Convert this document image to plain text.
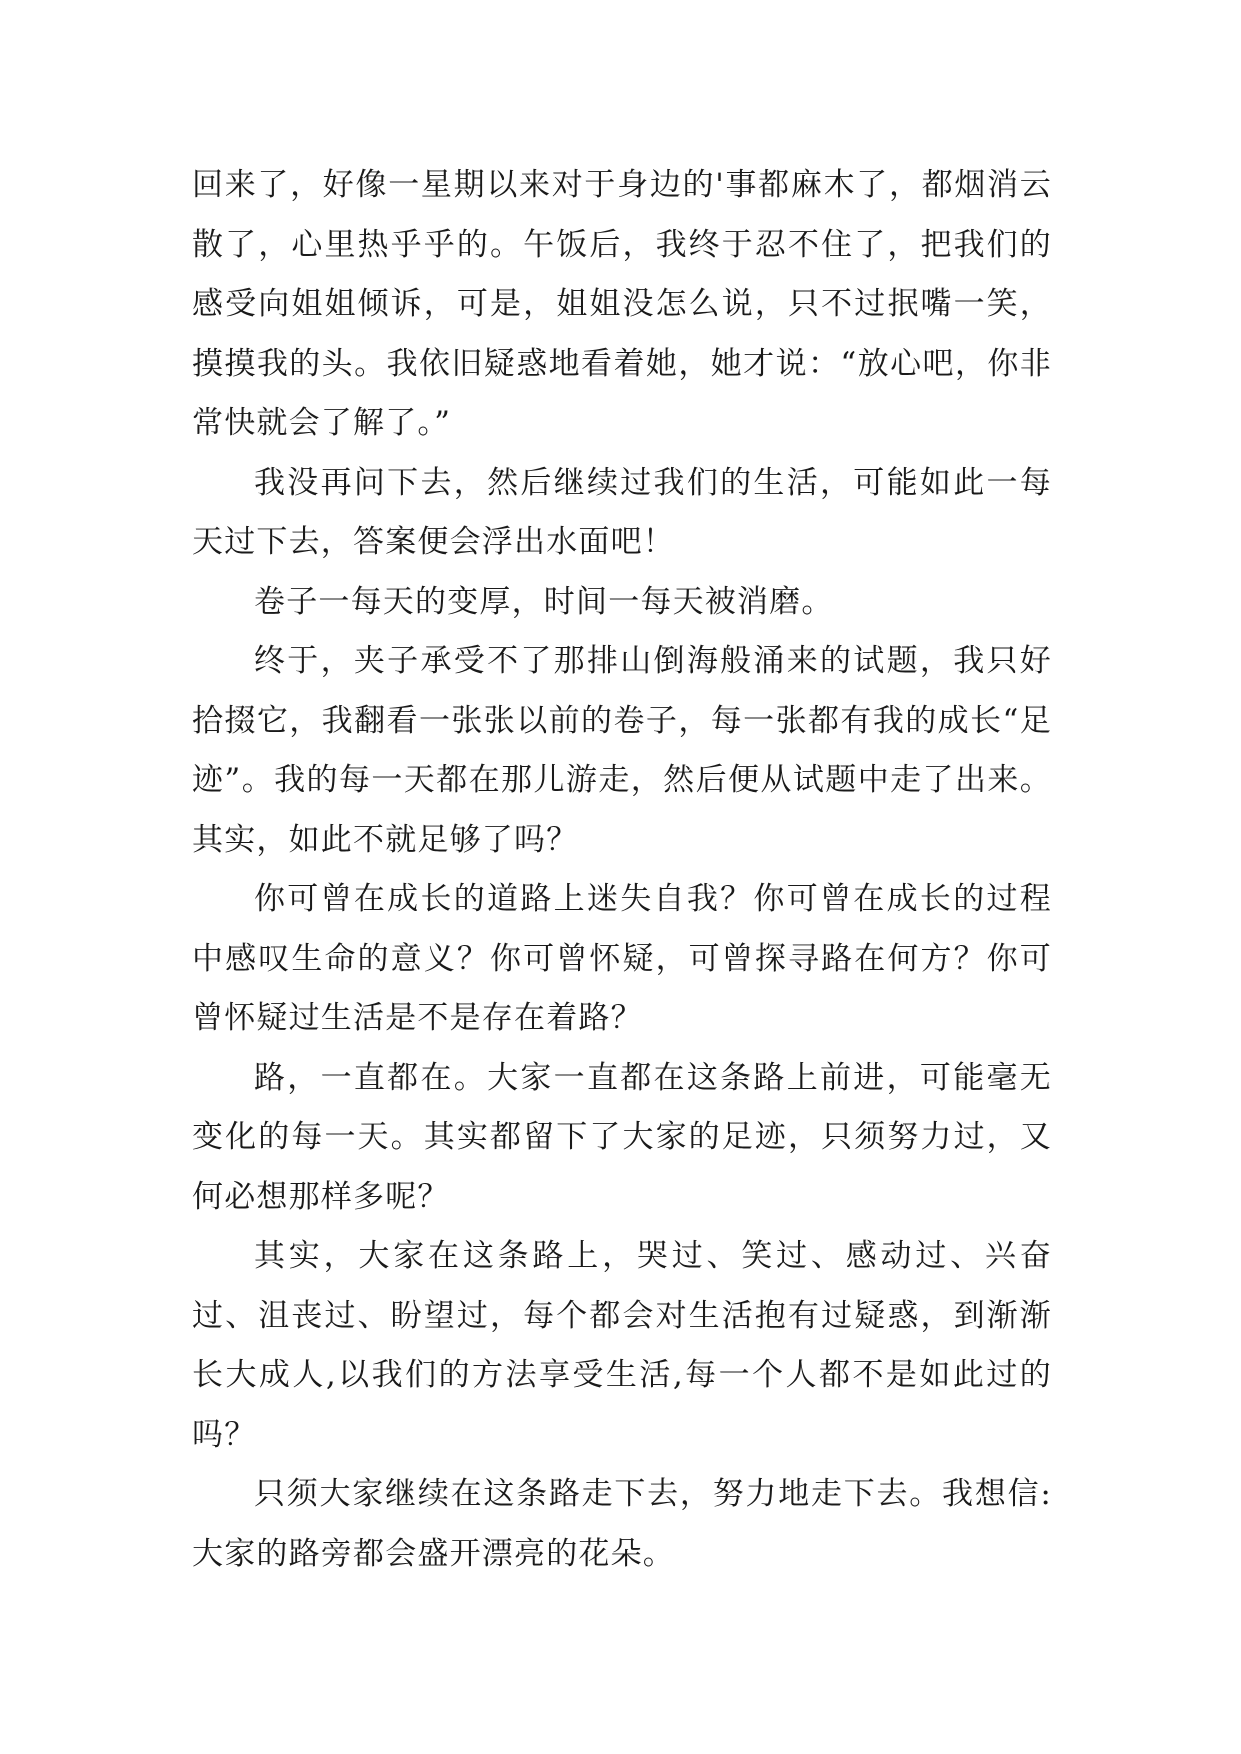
回来了，好像一星期以来对于身边的'事都麻木了，都烟消云散了，心里热乎乎的。午饭后，我终于忍不住了，把我们的感受向姐姐倾诉，可是，姐姐没怎么说，只不过抿嘴一笑，摸摸我的头。我依旧疑惑地看着她，她才说：“放心吧，你非常快就会了解了。”

我没再问下去，然后继续过我们的生活，可能如此一每天过下去，答案便会浮出水面吧！

卷子一每天的变厚，时间一每天被消磨。

终于，夹子承受不了那排山倒海般涌来的试题，我只好拾掇它，我翻看一张张以前的卷子，每一张都有我的成长“足迹”。我的每一天都在那儿游走，然后便从试题中走了出来。其实，如此不就足够了吗？

你可曾在成长的道路上迷失自我？你可曾在成长的过程中感叹生命的意义？你可曾怀疑，可曾探寻路在何方？你可曾怀疑过生活是不是存在着路？

路，一直都在。大家一直都在这条路上前进，可能毫无变化的每一天。其实都留下了大家的足迹，只须努力过，又何必想那样多呢？

其实，大家在这条路上，哭过、笑过、感动过、兴奋过、沮丧过、盼望过，每个都会对生活抱有过疑惑，到渐渐长大成人,以我们的方法享受生活,每一个人都不是如此过的吗？

只须大家继续在这条路走下去，努力地走下去。我想信:大家的路旁都会盛开漂亮的花朵。
